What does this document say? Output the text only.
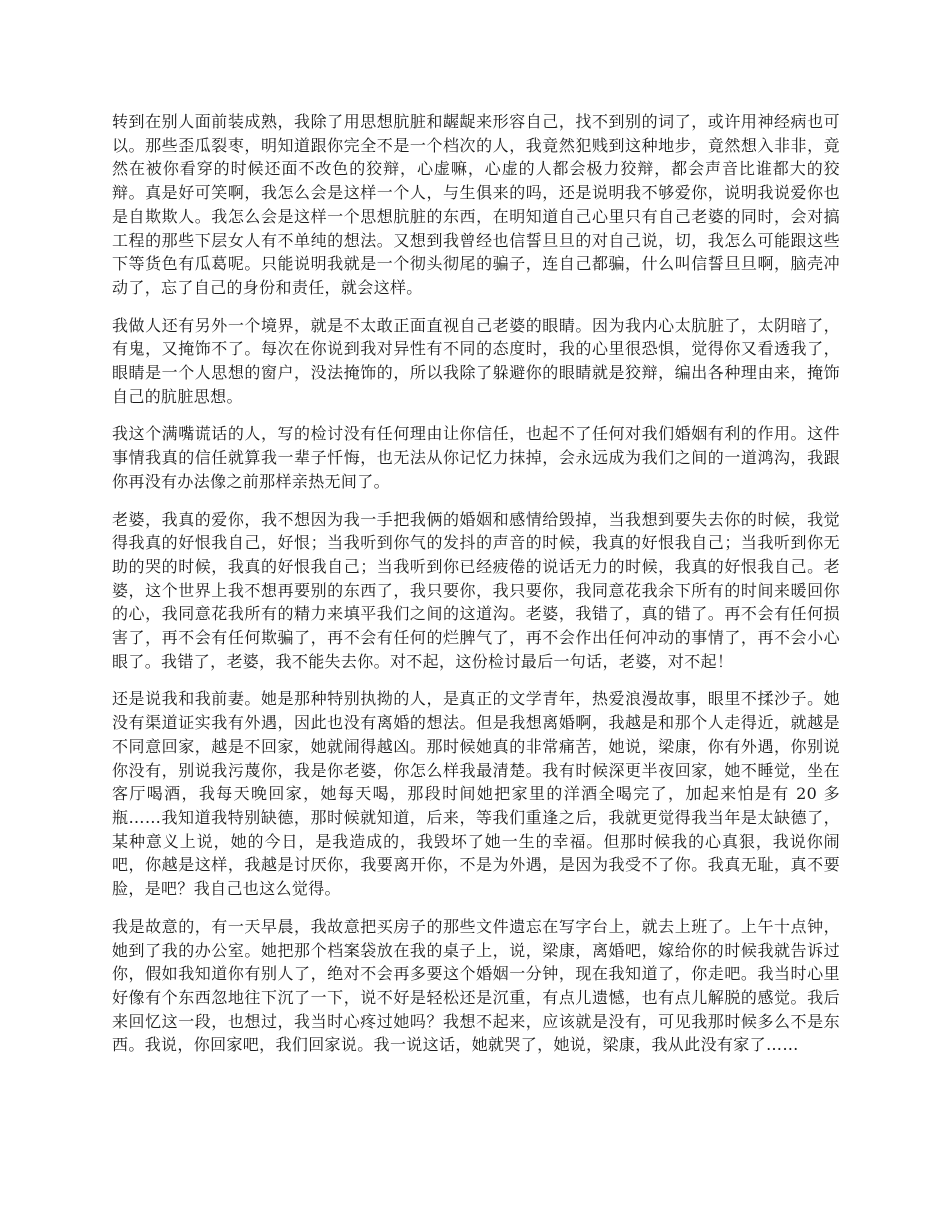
转到在别人面前装成熟，我除了用思想肮脏和龌龊来形容自己，找不到别的词了，或许用神经病也可以。那些歪瓜裂枣，明知道跟你完全不是一个档次的人，我竟然犯贱到这种地步，竟然想入非非，竟然在被你看穿的时候还面不改色的狡辩，心虚嘛，心虚的人都会极力狡辩，都会声音比谁都大的狡辩。真是好可笑啊，我怎么会是这样一个人，与生俱来的吗，还是说明我不够爱你，说明我说爱你也是自欺欺人。我怎么会是这样一个思想肮脏的东西，在明知道自己心里只有自己老婆的同时，会对搞工程的那些下层女人有不单纯的想法。又想到我曾经也信誓旦旦的对自己说，切，我怎么可能跟这些下等货色有瓜葛呢。只能说明我就是一个彻头彻尾的骗子，连自己都骗，什么叫信誓旦旦啊，脑壳冲动了，忘了自己的身份和责任，就会这样。

我做人还有另外一个境界，就是不太敢正面直视自己老婆的眼睛。因为我内心太肮脏了，太阴暗了，有鬼，又掩饰不了。每次在你说到我对异性有不同的态度时，我的心里很恐惧，觉得你又看透我了，眼睛是一个人思想的窗户，没法掩饰的，所以我除了躲避你的眼睛就是狡辩，编出各种理由来，掩饰自己的肮脏思想。

我这个满嘴谎话的人，写的检讨没有任何理由让你信任，也起不了任何对我们婚姻有利的作用。这件事情我真的信任就算我一辈子忏悔，也无法从你记忆力抹掉，会永远成为我们之间的一道鸿沟，我跟你再没有办法像之前那样亲热无间了。

老婆，我真的爱你，我不想因为我一手把我俩的婚姻和感情给毁掉，当我想到要失去你的时候，我觉得我真的好恨我自己，好恨；当我听到你气的发抖的声音的时候，我真的好恨我自己；当我听到你无助的哭的时候，我真的好恨我自己；当我听到你已经疲倦的说话无力的时候，我真的好恨我自己。老婆，这个世界上我不想再要别的东西了，我只要你，我只要你，我同意花我余下所有的时间来暖回你的心，我同意花我所有的精力来填平我们之间的这道沟。老婆，我错了，真的错了。再不会有任何损害了，再不会有任何欺骗了，再不会有任何的烂脾气了，再不会作出任何冲动的事情了，再不会小心眼了。我错了，老婆，我不能失去你。对不起，这份检讨最后一句话，老婆，对不起！

还是说我和我前妻。她是那种特别执拗的人，是真正的文学青年，热爱浪漫故事，眼里不揉沙子。她没有渠道证实我有外遇，因此也没有离婚的想法。但是我想离婚啊，我越是和那个人走得近，就越是不同意回家，越是不回家，她就闹得越凶。那时候她真的非常痛苦，她说，梁康，你有外遇，你别说你没有，别说我污蔑你，我是你老婆，你怎么样我最清楚。我有时候深更半夜回家，她不睡觉，坐在客厅喝酒，我每天晚回家，她每天喝，那段时间她把家里的洋酒全喝完了，加起来怕是有 20 多瓶……我知道我特别缺德，那时候就知道，后来，等我们重逢之后，我就更觉得我当年是太缺德了，某种意义上说，她的今日，是我造成的，我毁坏了她一生的幸福。但那时候我的心真狠，我说你闹吧，你越是这样，我越是讨厌你，我要离开你，不是为外遇，是因为我受不了你。我真无耻，真不要脸，是吧？我自己也这么觉得。

我是故意的，有一天早晨，我故意把买房子的那些文件遗忘在写字台上，就去上班了。上午十点钟，她到了我的办公室。她把那个档案袋放在我的桌子上，说，梁康，离婚吧，嫁给你的时候我就告诉过你，假如我知道你有别人了，绝对不会再多要这个婚姻一分钟，现在我知道了，你走吧。我当时心里好像有个东西忽地往下沉了一下，说不好是轻松还是沉重，有点儿遗憾，也有点儿解脱的感觉。我后来回忆这一段，也想过，我当时心疼过她吗？我想不起来，应该就是没有，可见我那时候多么不是东西。我说，你回家吧，我们回家说。我一说这话，她就哭了，她说，梁康，我从此没有家了……
